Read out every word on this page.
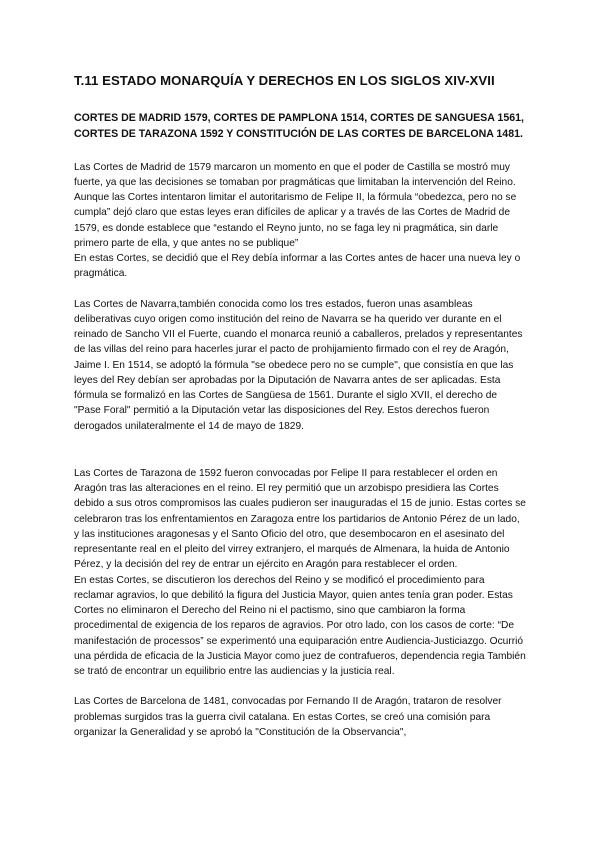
T.11 ESTADO MONARQUÍA Y DERECHOS EN LOS SIGLOS XIV-XVII
CORTES DE MADRID 1579, CORTES DE PAMPLONA 1514, CORTES DE SANGUESA 1561, CORTES DE TARAZONA 1592 Y CONSTITUCIÓN DE LAS CORTES DE BARCELONA 1481.

Las Cortes de Madrid de 1579 marcaron un momento en que el poder de Castilla se mostró muy fuerte, ya que las decisiones se tomaban por pragmáticas que limitaban la intervención del Reino. Aunque las Cortes intentaron limitar el autoritarismo de Felipe II, la fórmula “obedezca, pero no se cumpla” dejó claro que estas leyes eran difíciles de aplicar y a través de las Cortes de Madrid de 1579, es donde establece que “estando el Reyno junto, no se faga ley ni pragmática, sin darle primero parte de ella, y que antes no se publique”

En estas Cortes, se decidió que el Rey debía informar a las Cortes antes de hacer una nueva ley o pragmática.

Las Cortes de Navarra,también conocida como los tres estados, fueron unas asambleas deliberativas cuyo origen como institución del reino de Navarra se ha querido ver durante en el reinado de Sancho VII el Fuerte, cuando el monarca reunió a caballeros, prelados y representantes de las villas del reino para hacerles jurar el pacto de prohijamiento firmado con el rey de Aragón, Jaime I. En 1514, se adoptó la fórmula "se obedece pero no se cumple", que consistía en que las leyes del Rey debían ser aprobadas por la Diputación de Navarra antes de ser aplicadas. Esta fórmula se formalizó en las Cortes de Sangüesa de 1561. Durante el siglo XVII, el derecho de "Pase Foral" permitió a la Diputación vetar las disposiciones del Rey. Estos derechos fueron derogados unilateralmente el 14 de mayo de 1829.

Las Cortes de Tarazona de 1592 fueron convocadas por Felipe II para restablecer el orden en Aragón tras las alteraciones en el reino. El rey permitió que un arzobispo presidiera las Cortes debido a sus otros compromisos las cuales pudieron ser inauguradas el 15 de junio. Estas cortes se celebraron tras los enfrentamientos en Zaragoza entre los partidarios de Antonio Pérez de un lado, y las instituciones aragonesas y el Santo Oficio del otro, que desembocaron en el asesinato del representante real en el pleito del virrey extranjero, el marqués de Almenara, la huida de Antonio Pérez, y la decisión del rey de entrar un ejército en Aragón para restablecer el orden.

En estas Cortes, se discutieron los derechos del Reino y se modificó el procedimiento para reclamar agravios, lo que debilitó la figura del Justicia Mayor, quien antes tenía gran poder. Estas Cortes no eliminaron el Derecho del Reino ni el pactismo, sino que cambiaron la forma procedimental de exigencia de los reparos de agravios. Por otro lado, con los casos de corte: “De manifestación de processos” se experimentó una equiparación entre Audiencia-Justiciazgo. Ocurrió una pérdida de eficacia de la Justicia Mayor como juez de contrafueros, dependencia regia También se trató de encontrar un equilibrio entre las audiencias y la justicia real.

Las Cortes de Barcelona de 1481, convocadas por Fernando II de Aragón, trataron de resolver problemas surgidos tras la guerra civil catalana. En estas Cortes, se creó una comisión para organizar la Generalidad y se aprobó la "Constitución de la Observancia",
